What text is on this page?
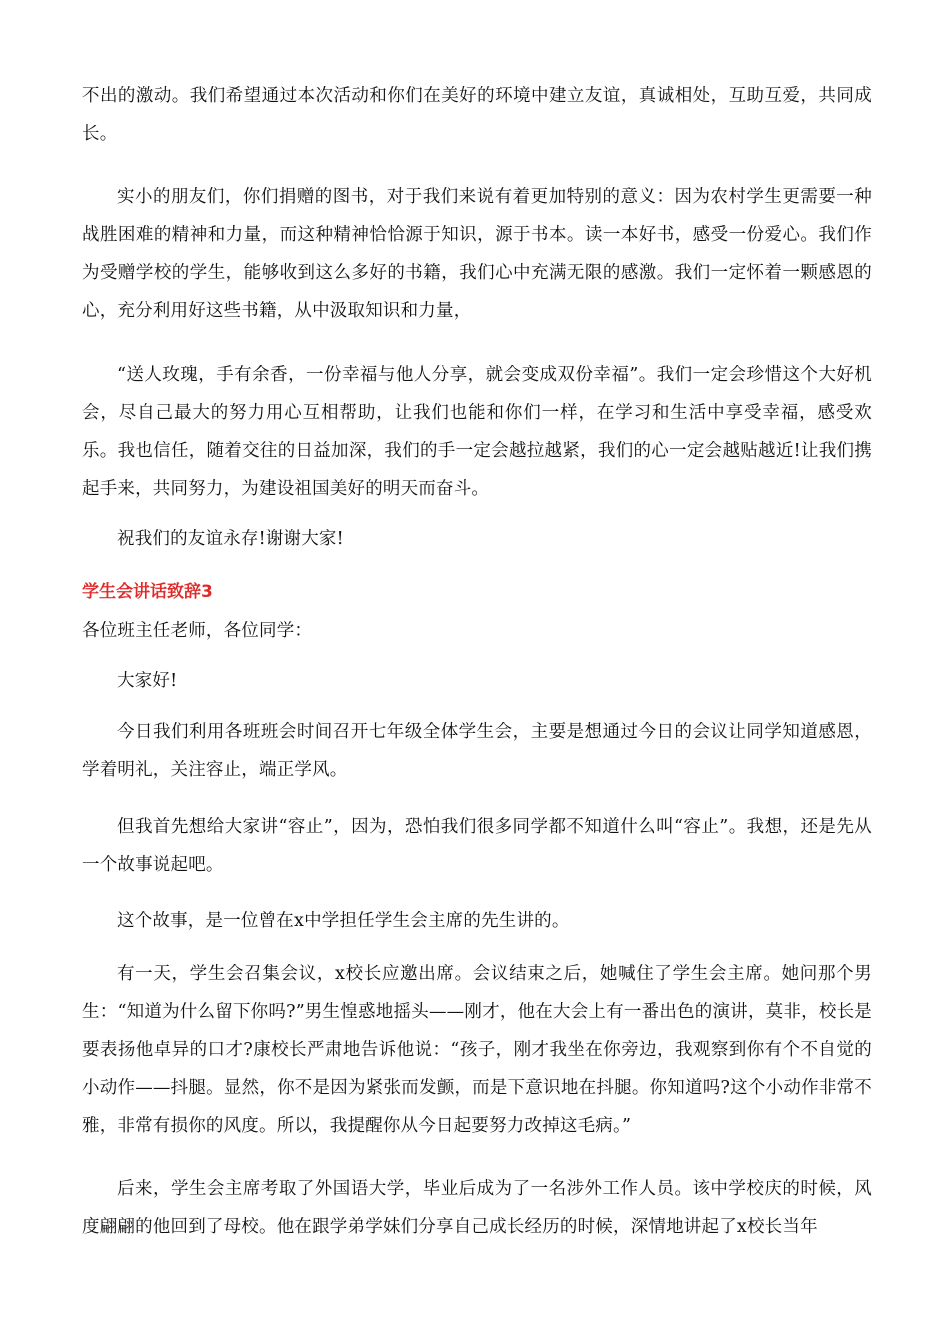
不出的激动。我们希望通过本次活动和你们在美好的环境中建立友谊，真诚相处，互助互爱，共同成长。

实小的朋友们，你们捐赠的图书，对于我们来说有着更加特别的意义：因为农村学生更需要一种战胜困难的精神和力量，而这种精神恰恰源于知识，源于书本。读一本好书，感受一份爱心。我们作为受赠学校的学生，能够收到这么多好的书籍，我们心中充满无限的感激。我们一定怀着一颗感恩的心，充分利用好这些书籍，从中汲取知识和力量，

“送人玫瑰，手有余香，一份幸福与他人分享，就会变成双份幸福”。我们一定会珍惜这个大好机会，尽自己最大的努力用心互相帮助，让我们也能和你们一样，在学习和生活中享受幸福，感受欢乐。我也信任，随着交往的日益加深，我们的手一定会越拉越紧，我们的心一定会越贴越近!让我们携起手来，共同努力，为建设祖国美好的明天而奋斗。

祝我们的友谊永存!谢谢大家!

学生会讲话致辞3

各位班主任老师，各位同学：

大家好!

今日我们利用各班班会时间召开七年级全体学生会，主要是想通过今日的会议让同学知道感恩，学着明礼，关注容止，端正学风。

但我首先想给大家讲“容止”，因为，恐怕我们很多同学都不知道什么叫“容止”。我想，还是先从一个故事说起吧。

这个故事，是一位曾在x中学担任学生会主席的先生讲的。

有一天，学生会召集会议，x校长应邀出席。会议结束之后，她喊住了学生会主席。她问那个男生：“知道为什么留下你吗?”男生惶惑地摇头——刚才，他在大会上有一番出色的演讲，莫非，校长是要表扬他卓异的口才?康校长严肃地告诉他说：“孩子，刚才我坐在你旁边，我观察到你有个不自觉的小动作——抖腿。显然，你不是因为紧张而发颤，而是下意识地在抖腿。你知道吗?这个小动作非常不雅，非常有损你的风度。所以，我提醒你从今日起要努力改掉这毛病。”

后来，学生会主席考取了外国语大学，毕业后成为了一名涉外工作人员。该中学校庆的时候，风度翩翩的他回到了母校。他在跟学弟学妹们分享自己成长经历的时候，深情地讲起了x校长当年
